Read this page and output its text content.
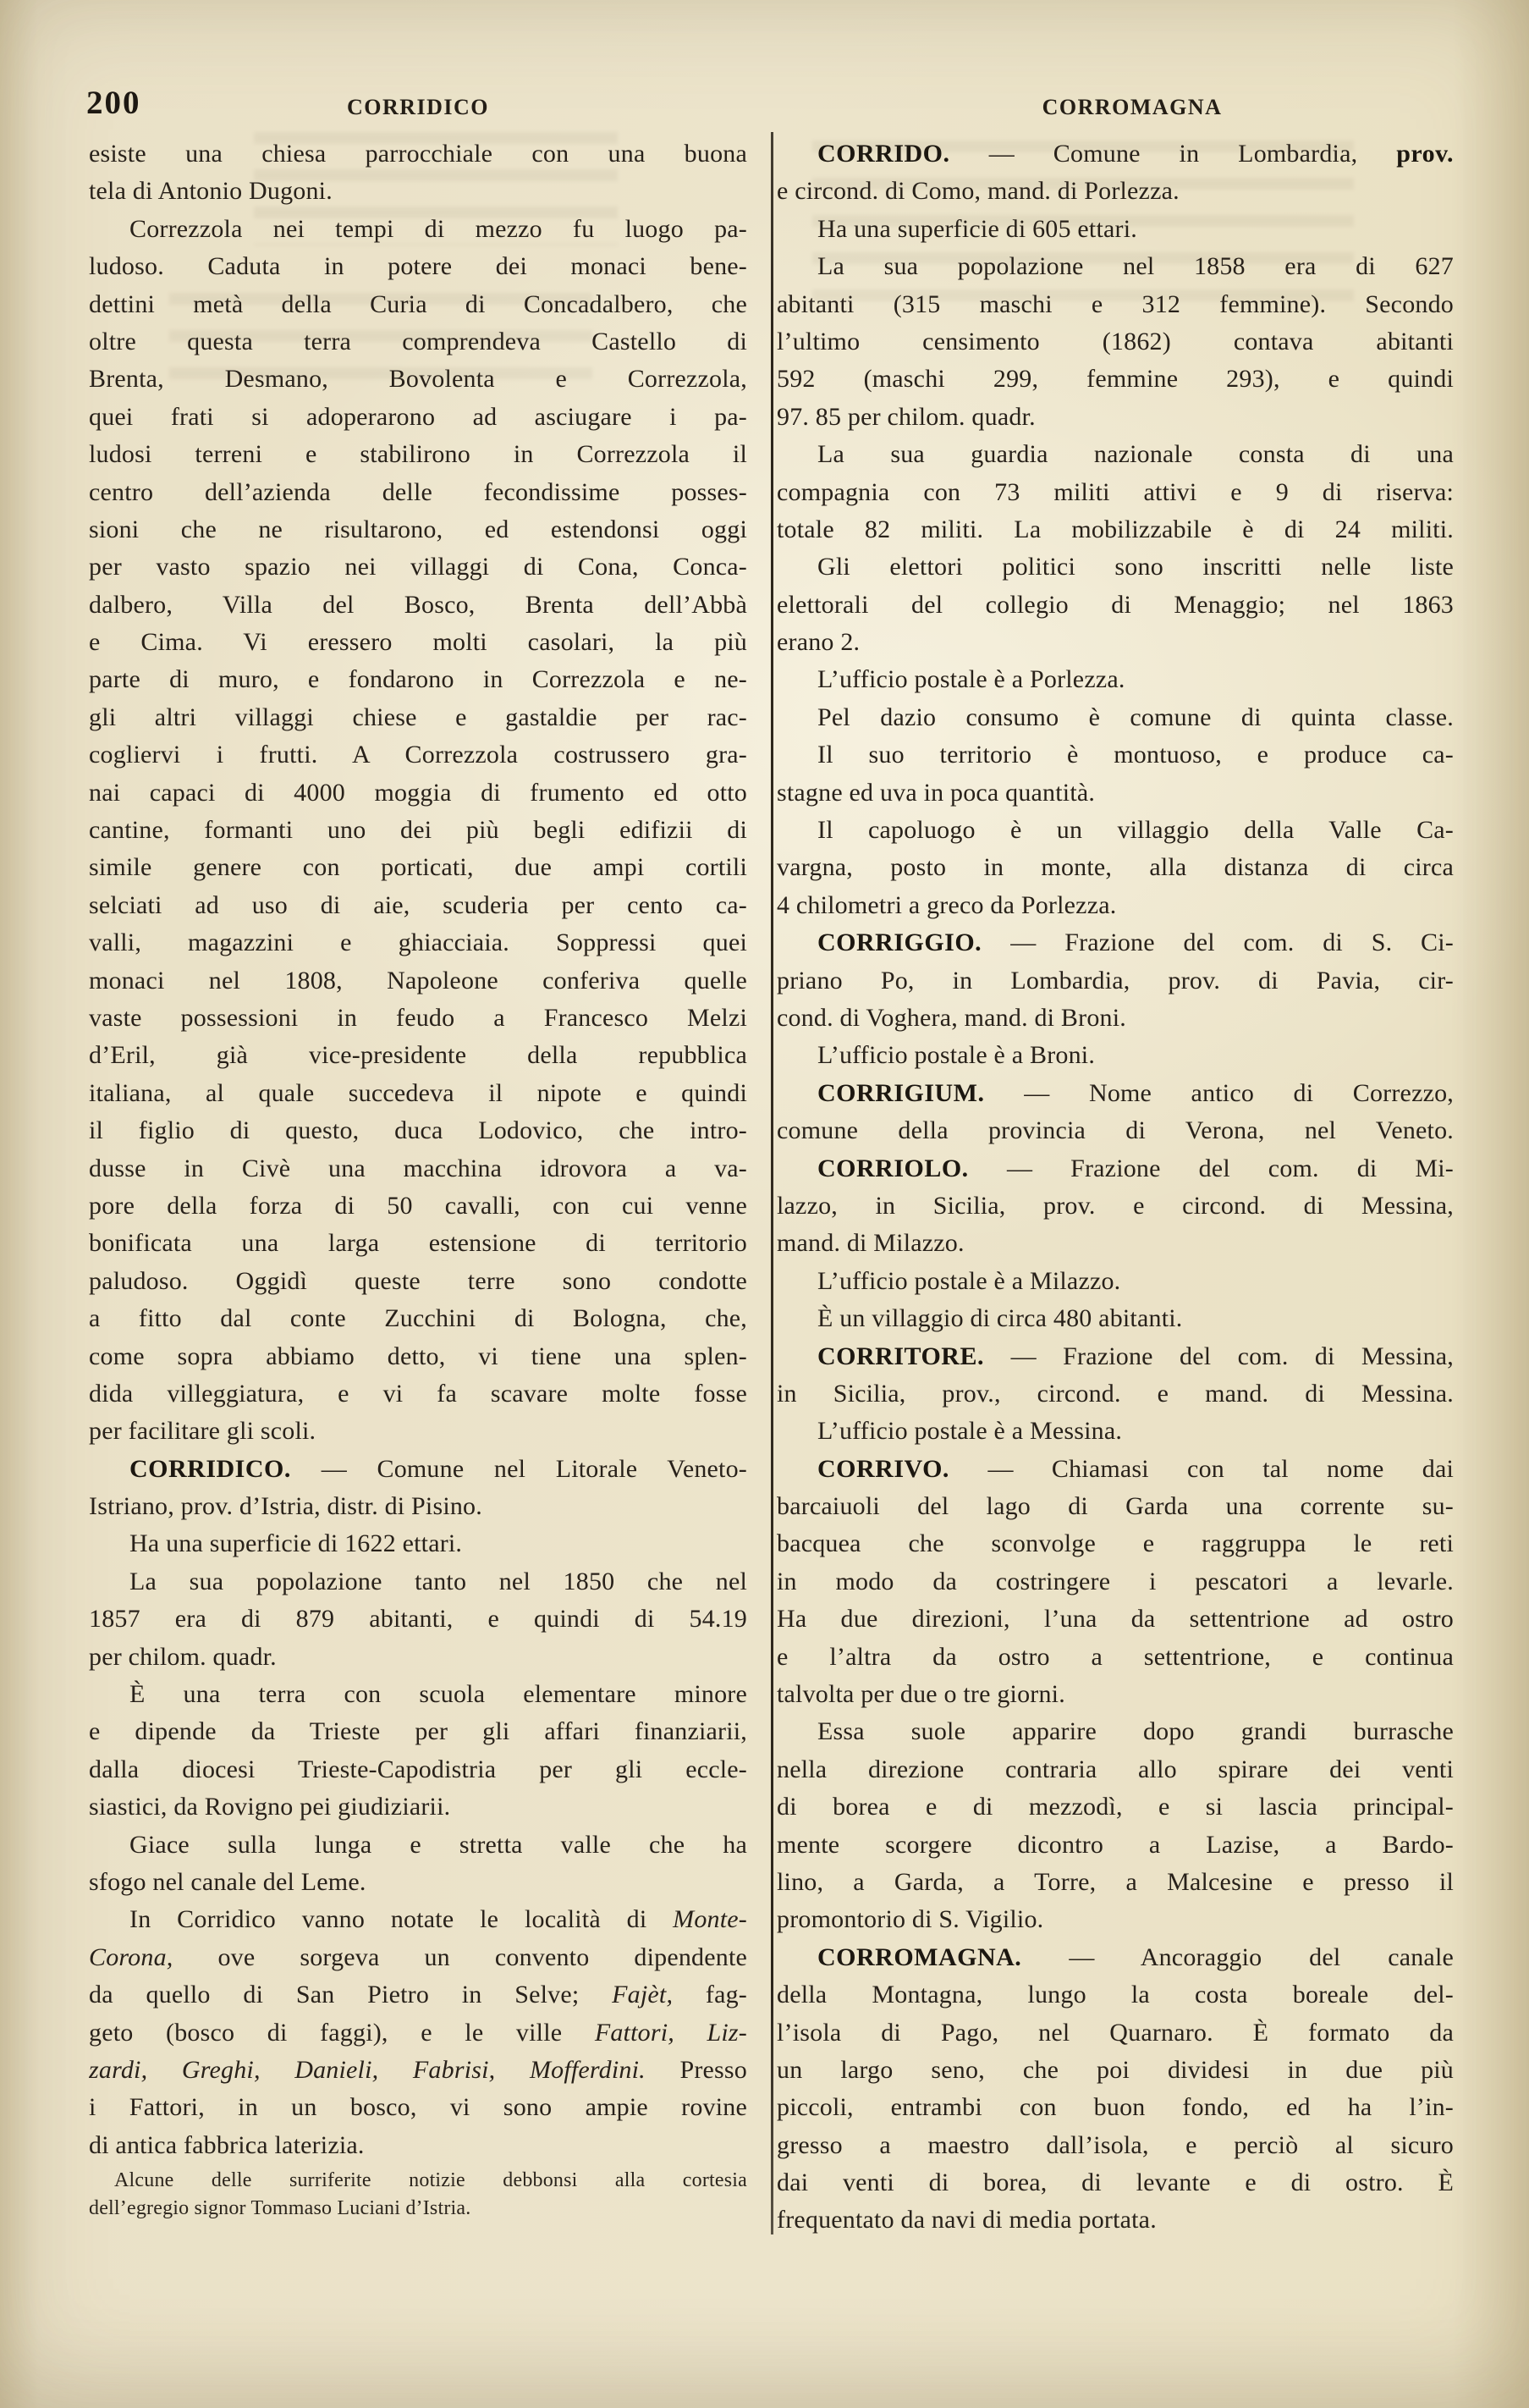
200	CORRIDICO	CORROMAGNA
esiste una chiesa parrocchiale con una buona
tela di Antonio Dugoni.
Correzzola nei tempi di mezzo fu luogo pa-
ludoso. Caduta in potere dei monaci bene-
dettini metà della Curia di Concadalbero, che
oltre questa terra comprendeva Castello di
Brenta, Desmano, Bovolenta e Correzzola,
quei frati si adoperarono ad asciugare i pa-
ludosi terreni e stabilirono in Correzzola il
centro dell’azienda delle fecondissime posses-
sioni che ne risultarono, ed estendonsi oggi
per vasto spazio nei villaggi di Cona, Conca-
dalbero, Villa del Bosco, Brenta dell’Abbà
e Cima. Vi eressero molti casolari, la più
parte di muro, e fondarono in Correzzola e ne-
gli altri villaggi chiese e gastaldie per rac-
cogliervi i frutti. A Correzzola costrussero gra-
nai capaci di 4000 moggia di frumento ed otto
cantine, formanti uno dei più begli edifizii di
simile genere con porticati, due ampi cortili
selciati ad uso di aie, scuderia per cento ca-
valli, magazzini e ghiacciaia. Soppressi quei
monaci nel 1808, Napoleone conferiva quelle
vaste possessioni in feudo a Francesco Melzi
d’Eril, già vice-presidente della repubblica
italiana, al quale succedeva il nipote e quindi
il figlio di questo, duca Lodovico, che intro-
dusse in Civè una macchina idrovora a va-
pore della forza di 50 cavalli, con cui venne
bonificata una larga estensione di territorio
paludoso. Oggidì queste terre sono condotte
a fitto dal conte Zucchini di Bologna, che,
come sopra abbiamo detto, vi tiene una splen-
dida villeggiatura, e vi fa scavare molte fosse
per facilitare gli scoli.
CORRIDICO. — Comune nel Litorale Veneto-
Istriano, prov. d’Istria, distr. di Pisino.
Ha una superficie di 1622 ettari.
La sua popolazione tanto nel 1850 che nel
1857 era di 879 abitanti, e quindi di 54.19
per chilom. quadr.
È una terra con scuola elementare minore
e dipende da Trieste per gli affari finanziarii,
dalla diocesi Trieste-Capodistria per gli eccle-
siastici, da Rovigno pei giudiziarii.
Giace sulla lunga e stretta valle che ha
sfogo nel canale del Leme.
In Corridico vanno notate le località di Monte-
Corona, ove sorgeva un convento dipendente
da quello di San Pietro in Selve; Fajèt, fag-
geto (bosco di faggi), e le ville Fattori, Liz-
zardi, Greghi, Danieli, Fabrisi, Mofferdini. Presso
i Fattori, in un bosco, vi sono ampie rovine
di antica fabbrica laterizia.
CORRIDO. — Comune in Lombardia, prov.
e circond. di Como, mand. di Porlezza.
Ha una superficie di 605 ettari.
La sua popolazione nel 1858 era di 627
abitanti (315 maschi e 312 femmine). Secondo
l’ultimo censimento (1862) contava abitanti
592 (maschi 299, femmine 293), e quindi
97. 85 per chilom. quadr.
La sua guardia nazionale consta di una
compagnia con 73 militi attivi e 9 di riserva:
totale 82 militi. La mobilizzabile è di 24 militi.
Gli elettori politici sono inscritti nelle liste
elettorali del collegio di Menaggio; nel 1863
erano 2.
L’ufficio postale è a Porlezza.
Pel dazio consumo è comune di quinta classe.
Il suo territorio è montuoso, e produce ca-
stagne ed uva in poca quantità.
Il capoluogo è un villaggio della Valle Ca-
vargna, posto in monte, alla distanza di circa
4 chilometri a greco da Porlezza.
CORRIGGIO. — Frazione del com. di S. Ci-
priano Po, in Lombardia, prov. di Pavia, cir-
cond. di Voghera, mand. di Broni.
L’ufficio postale è a Broni.
CORRIGIUM. — Nome antico di Correzzo,
comune della provincia di Verona, nel Veneto.
CORRIOLO. — Frazione del com. di Mi-
lazzo, in Sicilia, prov. e circond. di Messina,
mand. di Milazzo.
L’ufficio postale è a Milazzo.
È un villaggio di circa 480 abitanti.
CORRITORE. — Frazione del com. di Messina,
in Sicilia, prov., circond. e mand. di Messina.
L’ufficio postale è a Messina.
CORRIVO. — Chiamasi con tal nome dai
barcaiuoli del lago di Garda una corrente su-
bacquea che sconvolge e raggruppa le reti
in modo da costringere i pescatori a levarle.
Ha due direzioni, l’una da settentrione ad ostro
e l’altra da ostro a settentrione, e continua
talvolta per due o tre giorni.
Essa suole apparire dopo grandi burrasche
nella direzione contraria allo spirare dei venti
di borea e di mezzodì, e si lascia principal-
mente scorgere dicontro a Lazise, a Bardo-
lino, a Garda, a Torre, a Malcesine e presso il
promontorio di S. Vigilio.
CORROMAGNA. — Ancoraggio del canale
della Montagna, lungo la costa boreale del-
l’isola di Pago, nel Quarnaro. È formato da
un largo seno, che poi dividesi in due più
piccoli, entrambi con buon fondo, ed ha l’in-
gresso a maestro dall’isola, e perciò al sicuro
dai venti di borea, di levante e di ostro. È
frequentato da navi di media portata.
Alcune delle surriferite notizie debbonsi alla cortesia
dell’egregio signor Tommaso Luciani d’Istria.
